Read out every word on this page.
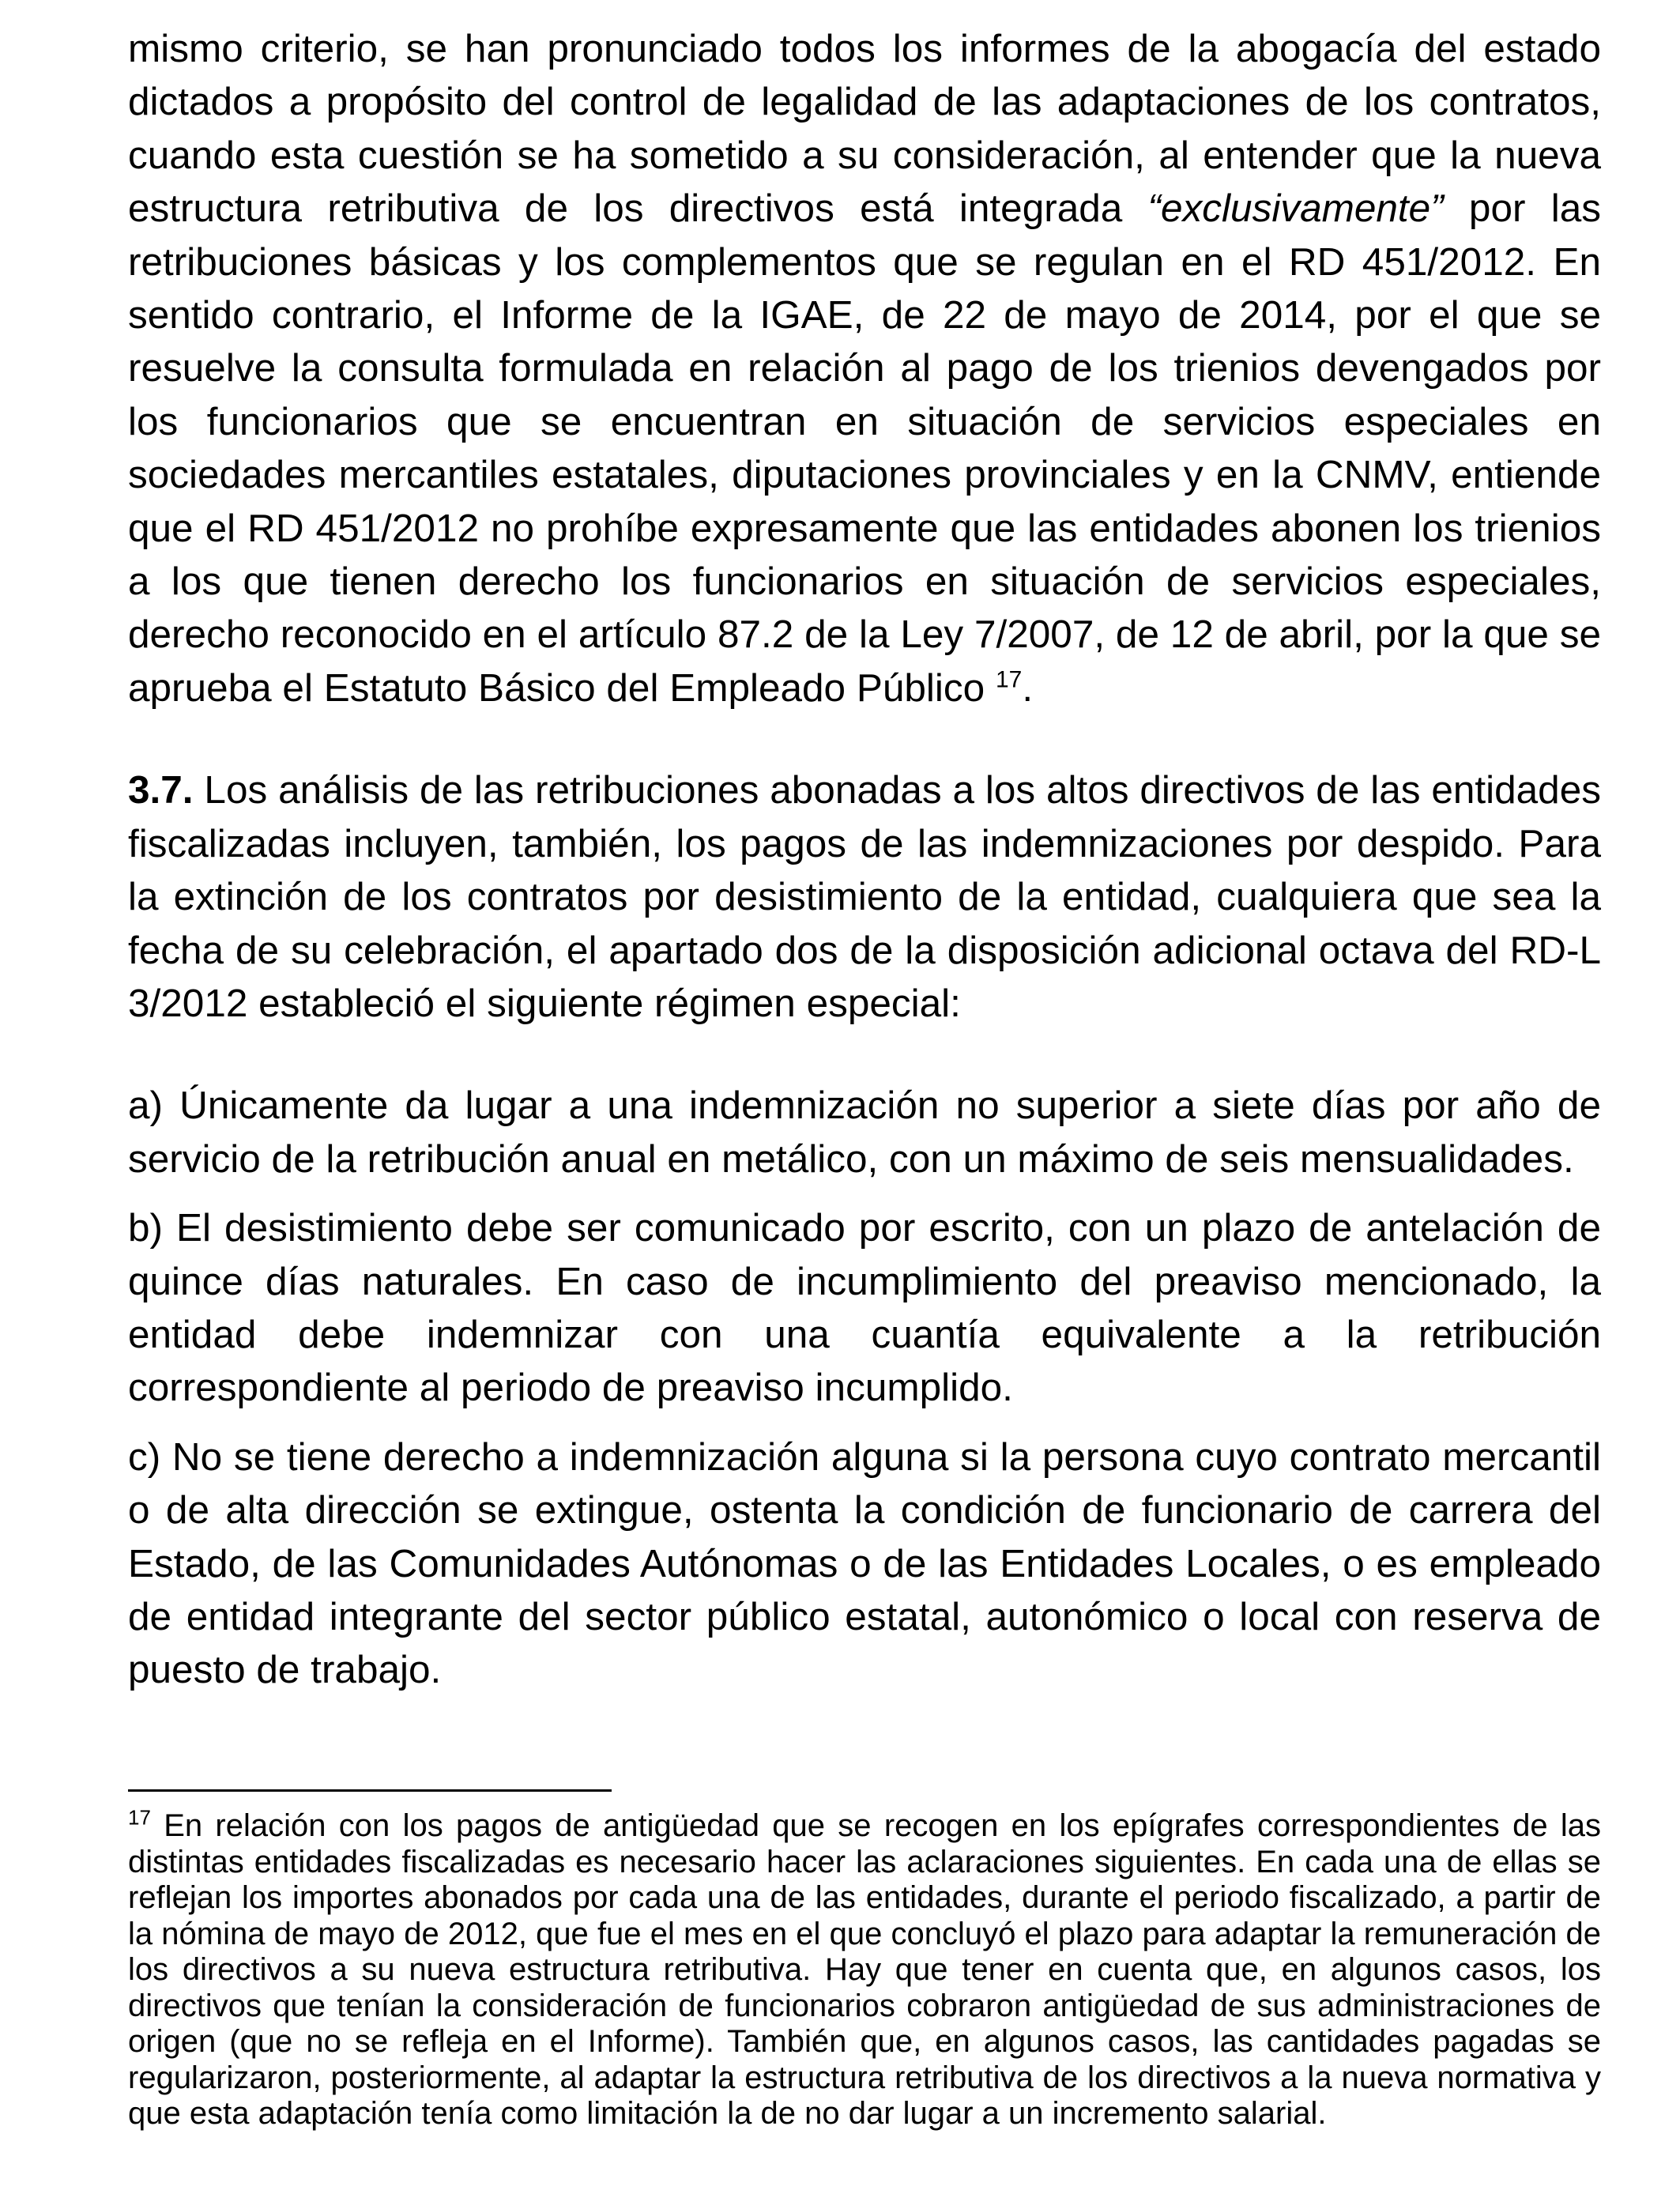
mismo criterio, se han pronunciado todos los informes de la abogacía del estado dictados a propósito del control de legalidad de las adaptaciones de los contratos, cuando esta cuestión se ha sometido a su consideración, al entender que la nueva estructura retributiva de los directivos está integrada “exclusivamente” por las retribuciones básicas y los complementos que se regulan en el RD 451/2012. En sentido contrario, el Informe de la IGAE, de 22 de mayo de 2014, por el que se resuelve la consulta formulada en relación al pago de los trienios devengados por los funcionarios que se encuentran en situación de servicios especiales en sociedades mercantiles estatales, diputaciones provinciales y en la CNMV, entiende que el RD 451/2012 no prohíbe expresamente que las entidades abonen los trienios a los que tienen derecho los funcionarios en situación de servicios especiales, derecho reconocido en el artículo 87.2 de la Ley 7/2007, de 12 de abril, por la que se aprueba el Estatuto Básico del Empleado Público $^{17}$.

3.7. Los análisis de las retribuciones abonadas a los altos directivos de las entidades fiscalizadas incluyen, también, los pagos de las indemnizaciones por despido. Para la extinción de los contratos por desistimiento de la entidad, cualquiera que sea la fecha de su celebración, el apartado dos de la disposición adicional octava del RD-L 3/2012 estableció el siguiente régimen especial:

a) Únicamente da lugar a una indemnización no superior a siete días por año de servicio de la retribución anual en metálico, con un máximo de seis mensualidades.

b) El desistimiento debe ser comunicado por escrito, con un plazo de antelación de quince días naturales. En caso de incumplimiento del preaviso mencionado, la entidad debe indemnizar con una cuantía equivalente a la retribución correspondiente al periodo de preaviso incumplido.

c) No se tiene derecho a indemnización alguna si la persona cuyo contrato mercantil o de alta dirección se extingue, ostenta la condición de funcionario de carrera del Estado, de las Comunidades Autónomas o de las Entidades Locales, o es empleado de entidad integrante del sector público estatal, autonómico o local con reserva de puesto de trabajo.

$^{17}$ En relación con los pagos de antigüedad que se recogen en los epígrafes correspondientes de las distintas entidades fiscalizadas es necesario hacer las aclaraciones siguientes. En cada una de ellas se reflejan los importes abonados por cada una de las entidades, durante el periodo fiscalizado, a partir de la nómina de mayo de 2012, que fue el mes en el que concluyó el plazo para adaptar la remuneración de los directivos a su nueva estructura retributiva. Hay que tener en cuenta que, en algunos casos, los directivos que tenían la consideración de funcionarios cobraron antigüedad de sus administraciones de origen (que no se refleja en el Informe). También que, en algunos casos, las cantidades pagadas se regularizaron, posteriormente, al adaptar la estructura retributiva de los directivos a la nueva normativa y que esta adaptación tenía como limitación la de no dar lugar a un incremento salarial.
